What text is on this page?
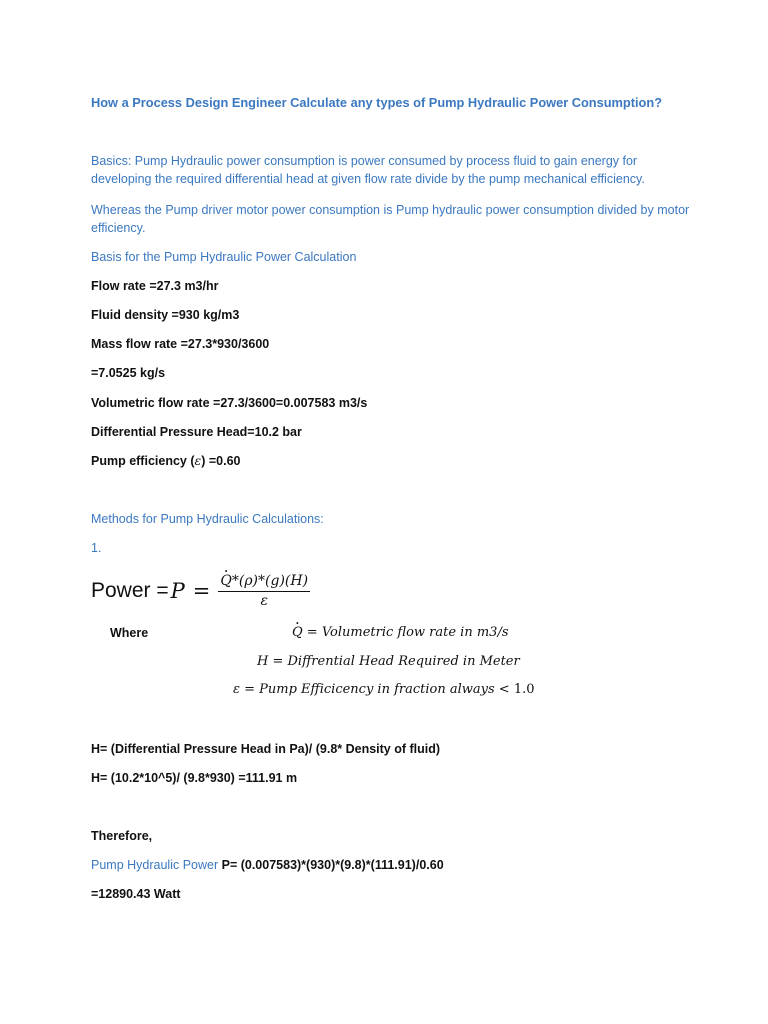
How a Process Design Engineer Calculate any types of Pump Hydraulic Power Consumption?
Basics: Pump Hydraulic power consumption is power consumed by process fluid to gain energy for developing the required differential head at given flow rate divide by the pump mechanical efficiency.
Whereas the Pump driver motor power consumption is Pump hydraulic power consumption divided by motor efficiency.
Basis for the Pump Hydraulic Power Calculation
Flow rate =27.3 m3/hr
Fluid density =930 kg/m3
Mass flow rate =27.3*930/3600
=7.0525 kg/s
Volumetric flow rate =27.3/3600=0.007583 m3/s
Differential Pressure Head=10.2 bar
Pump efficiency (ε) =0.60
Methods for Pump Hydraulic Calculations:
1.
Power = P = · $\frac{Q*(\rho)*(g)(H)}{\varepsilon}$
Where	· Q = Volumetric flow rate in m3/s
H = Diffrential Head Required in Meter
ε = Pump Efficicency in fraction always < 1.0
H= (Differential Pressure Head in Pa)/ (9.8* Density of fluid)
H= (10.2*10^5)/ (9.8*930) =111.91 m
Therefore,
Pump Hydraulic Power P= (0.007583)*(930)*(9.8)*(111.91)/0.60
=12890.43 Watt
